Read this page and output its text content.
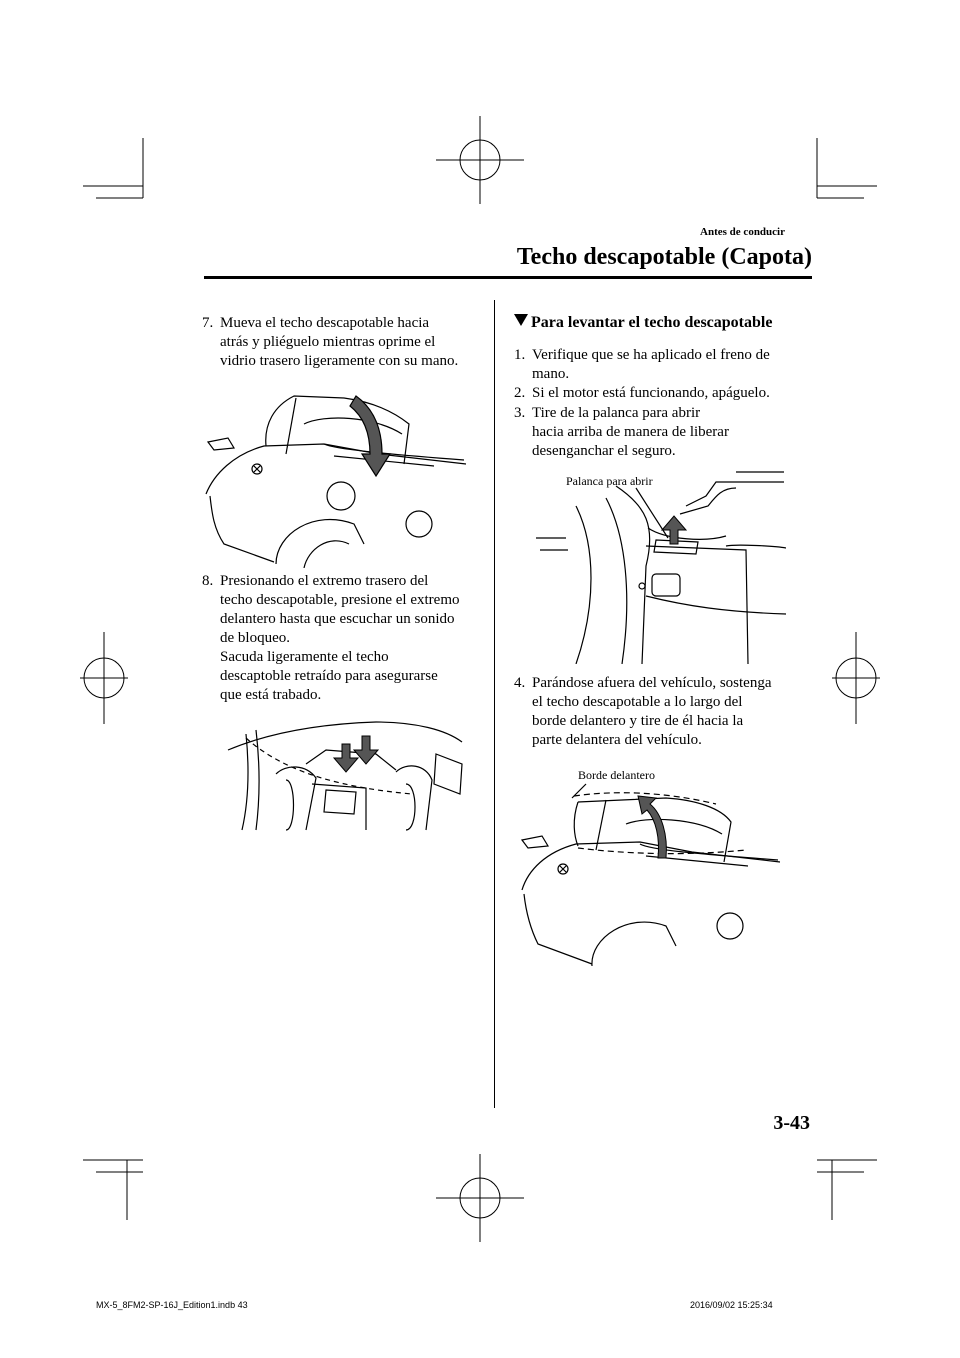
Antes de conducir
Techo descapotable (Capota)
7. Mueva el techo descapotable hacia
atrás y pliéguelo mientras oprime el
vidrio trasero ligeramente con su mano.
8. Presionando el extremo trasero del
techo descapotable, presione el extremo
delantero hasta que escuchar un sonido
de bloqueo.
Sacuda ligeramente el techo
descaptoble retraído para asegurarse
que está trabado.
Para levantar el techo descapotable
1. Verifique que se ha aplicado el freno de
mano.
2. Si el motor está funcionando, apáguelo.
3. Tire de la palanca para abrir
hacia arriba de manera de liberar
desenganchar el seguro.
Palanca para abrir
4. Parándose afuera del vehículo, sostenga
el techo descapotable a lo largo del
borde delantero y tire de él hacia la
parte delantera del vehículo.
Borde delantero
3-43
MX-5_8FM2-SP-16J_Edition1.indb 43	2016/09/02 15:25:34
